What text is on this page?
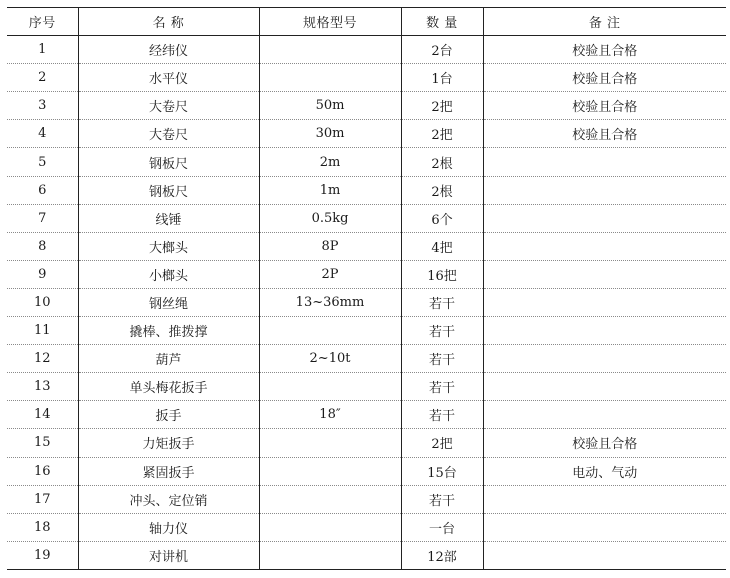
序号	名 称	规格型号	数 量	备 注
1	经纬仪		2台	校验且合格
2	水平仪		1台	校验且合格
3	大卷尺	50m	2把	校验且合格
4	大卷尺	30m	2把	校验且合格
5	钢板尺	2m	2根	
6	钢板尺	1m	2根	
7	线锤	0.5kg	6个	
8	大榔头	8P	4把	
9	小榔头	2P	16把	
10	钢丝绳	13~36mm	若干	
11	撬棒、推拨撑		若干	
12	葫芦	2~10t	若干	
13	单头梅花扳手		若干	
14	扳手	18″	若干	
15	力矩扳手		2把	校验且合格
16	紧固扳手		15台	电动、气动
17	冲头、定位销		若干	
18	轴力仪		一台	
19	对讲机		12部	
